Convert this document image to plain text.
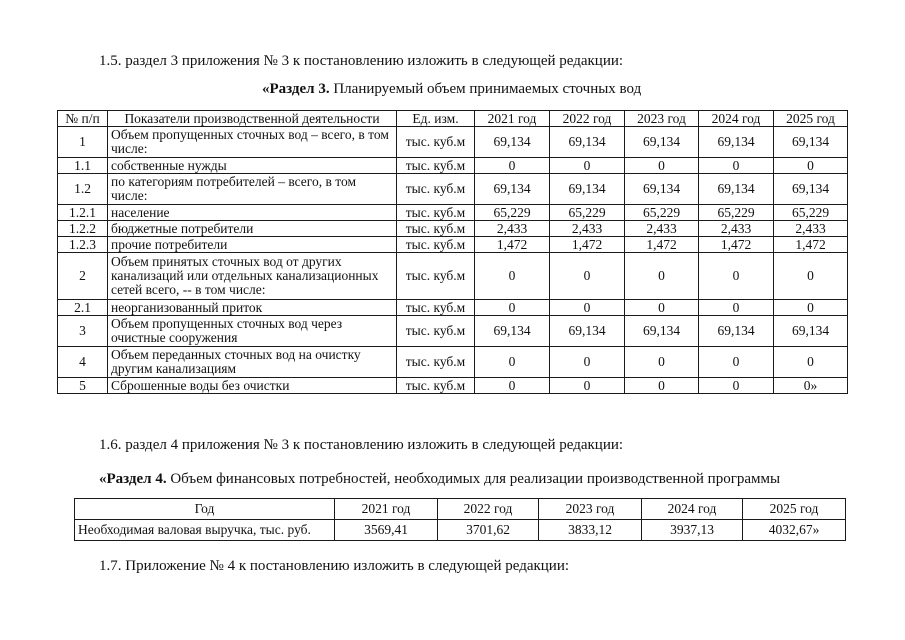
1.5. раздел 3 приложения № 3 к постановлению изложить в следующей редакции:
«Раздел 3. Планируемый объем принимаемых сточных вод
№ п/п	Показатели производственной деятельности	Ед. изм.	2021 год	2022 год	2023 год	2024 год	2025 год
1	Объем пропущенных сточных вод – всего, в том числе:	тыс. куб.м	69,134	69,134	69,134	69,134	69,134
1.1	собственные нужды	тыс. куб.м	0	0	0	0	0
1.2	по категориям потребителей – всего, в том числе:	тыс. куб.м	69,134	69,134	69,134	69,134	69,134
1.2.1	население	тыс. куб.м	65,229	65,229	65,229	65,229	65,229
1.2.2	бюджетные потребители	тыс. куб.м	2,433	2,433	2,433	2,433	2,433
1.2.3	прочие потребители	тыс. куб.м	1,472	1,472	1,472	1,472	1,472
2	Объем принятых сточных вод от других канализаций или отдельных канализационных сетей всего, -- в том числе:	тыс. куб.м	0	0	0	0	0
2.1	неорганизованный приток	тыс. куб.м	0	0	0	0	0
3	Объем пропущенных сточных вод через очистные сооружения	тыс. куб.м	69,134	69,134	69,134	69,134	69,134
4	Объем переданных сточных вод на очистку другим канализациям	тыс. куб.м	0	0	0	0	0
5	Сброшенные воды без очистки	тыс. куб.м	0	0	0	0	0»
1.6. раздел 4 приложения № 3 к постановлению изложить в следующей редакции:
«Раздел 4. Объем финансовых потребностей, необходимых для реализации производственной программы
Год	2021 год	2022 год	2023 год	2024 год	2025 год
Необходимая валовая выручка, тыс. руб.	3569,41	3701,62	3833,12	3937,13	4032,67»
1.7. Приложение № 4 к постановлению изложить в следующей редакции:
